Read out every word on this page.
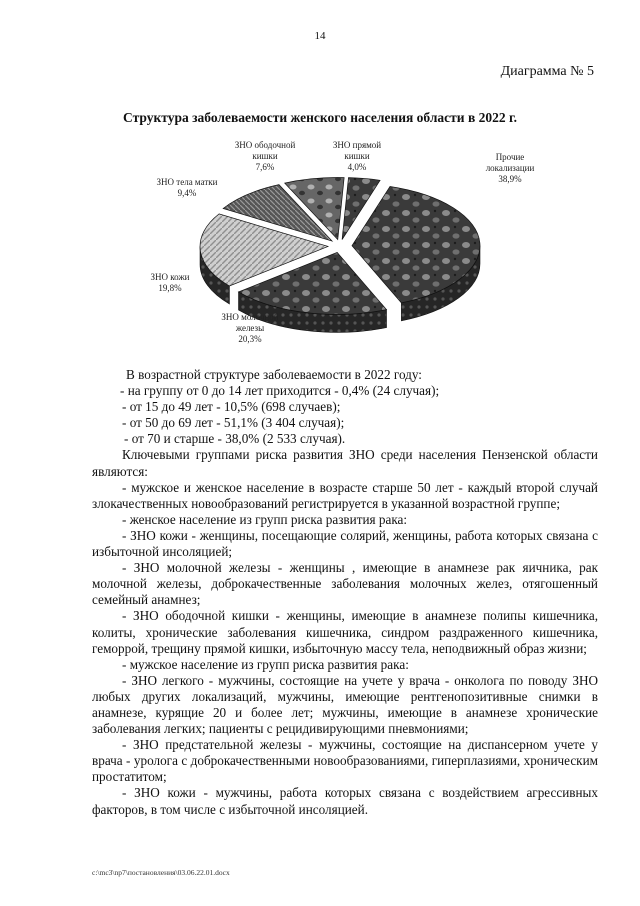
14
Диаграмма № 5
Структура заболеваемости женского населения области в 2022 г.
ЗНО прямой кишки 4,0%
Прочие локализации 38,9%
ЗНО молочной железы 20,3%
ЗНО кожи 19,8%
ЗНО тела матки 9,4%
ЗНО ободочной кишки 7,6%

В возрастной структуре заболеваемости в 2022 году:

- на группу от 0 до 14 лет приходится - 0,4% (24 случая);

- от 15 до 49 лет - 10,5% (698 случаев);

- от 50 до 69 лет - 51,1% (3 404 случая);

- от 70 и старше - 38,0% (2 533 случая).

Ключевыми группами риска развития ЗНО среди населения Пензенской области являются:

- мужское и женское население в возрасте старше 50 лет - каждый второй случай злокачественных новообразований регистрируется в указанной возрастной группе;

- женское население из групп риска развития рака:

- ЗНО кожи - женщины, посещающие солярий, женщины, работа которых связана с избыточной инсоляцией;

- ЗНО молочной железы - женщины , имеющие в анамнезе рак яичника, рак молочной железы, доброкачественные заболевания молочных желез, отягошенный семейный анамнез;

- ЗНО ободочной кишки - женщины, имеющие в анамнезе полипы кишечника, колиты, хронические заболевания кишечника, синдром раздраженного кишечника, геморрой, трещину прямой кишки, избыточную массу тела, неподвижный образ жизни;

- мужское население из групп риска развития рака:

- ЗНО легкого - мужчины, состоящие на учете у врача - онколога по поводу ЗНО любых других локализаций, мужчины, имеющие рентгенопозитивные снимки в анамнезе, курящие 20 и более лет; мужчины, имеющие в анамнезе хронические заболевания легких; пациенты с рецидивирующими пневмониями;

- ЗНО предстательной железы - мужчины, состоящие на диспансерном учете у врача - уролога с доброкачественными новообразованиями, гиперплазиями, хроническим простатитом;

- ЗНО кожи - мужчины, работа которых связана с воздействием агрессивных факторов, в том числе с избыточной инсоляцией.

c:\mc3\np7\постановления\03.06.22.01.docx
